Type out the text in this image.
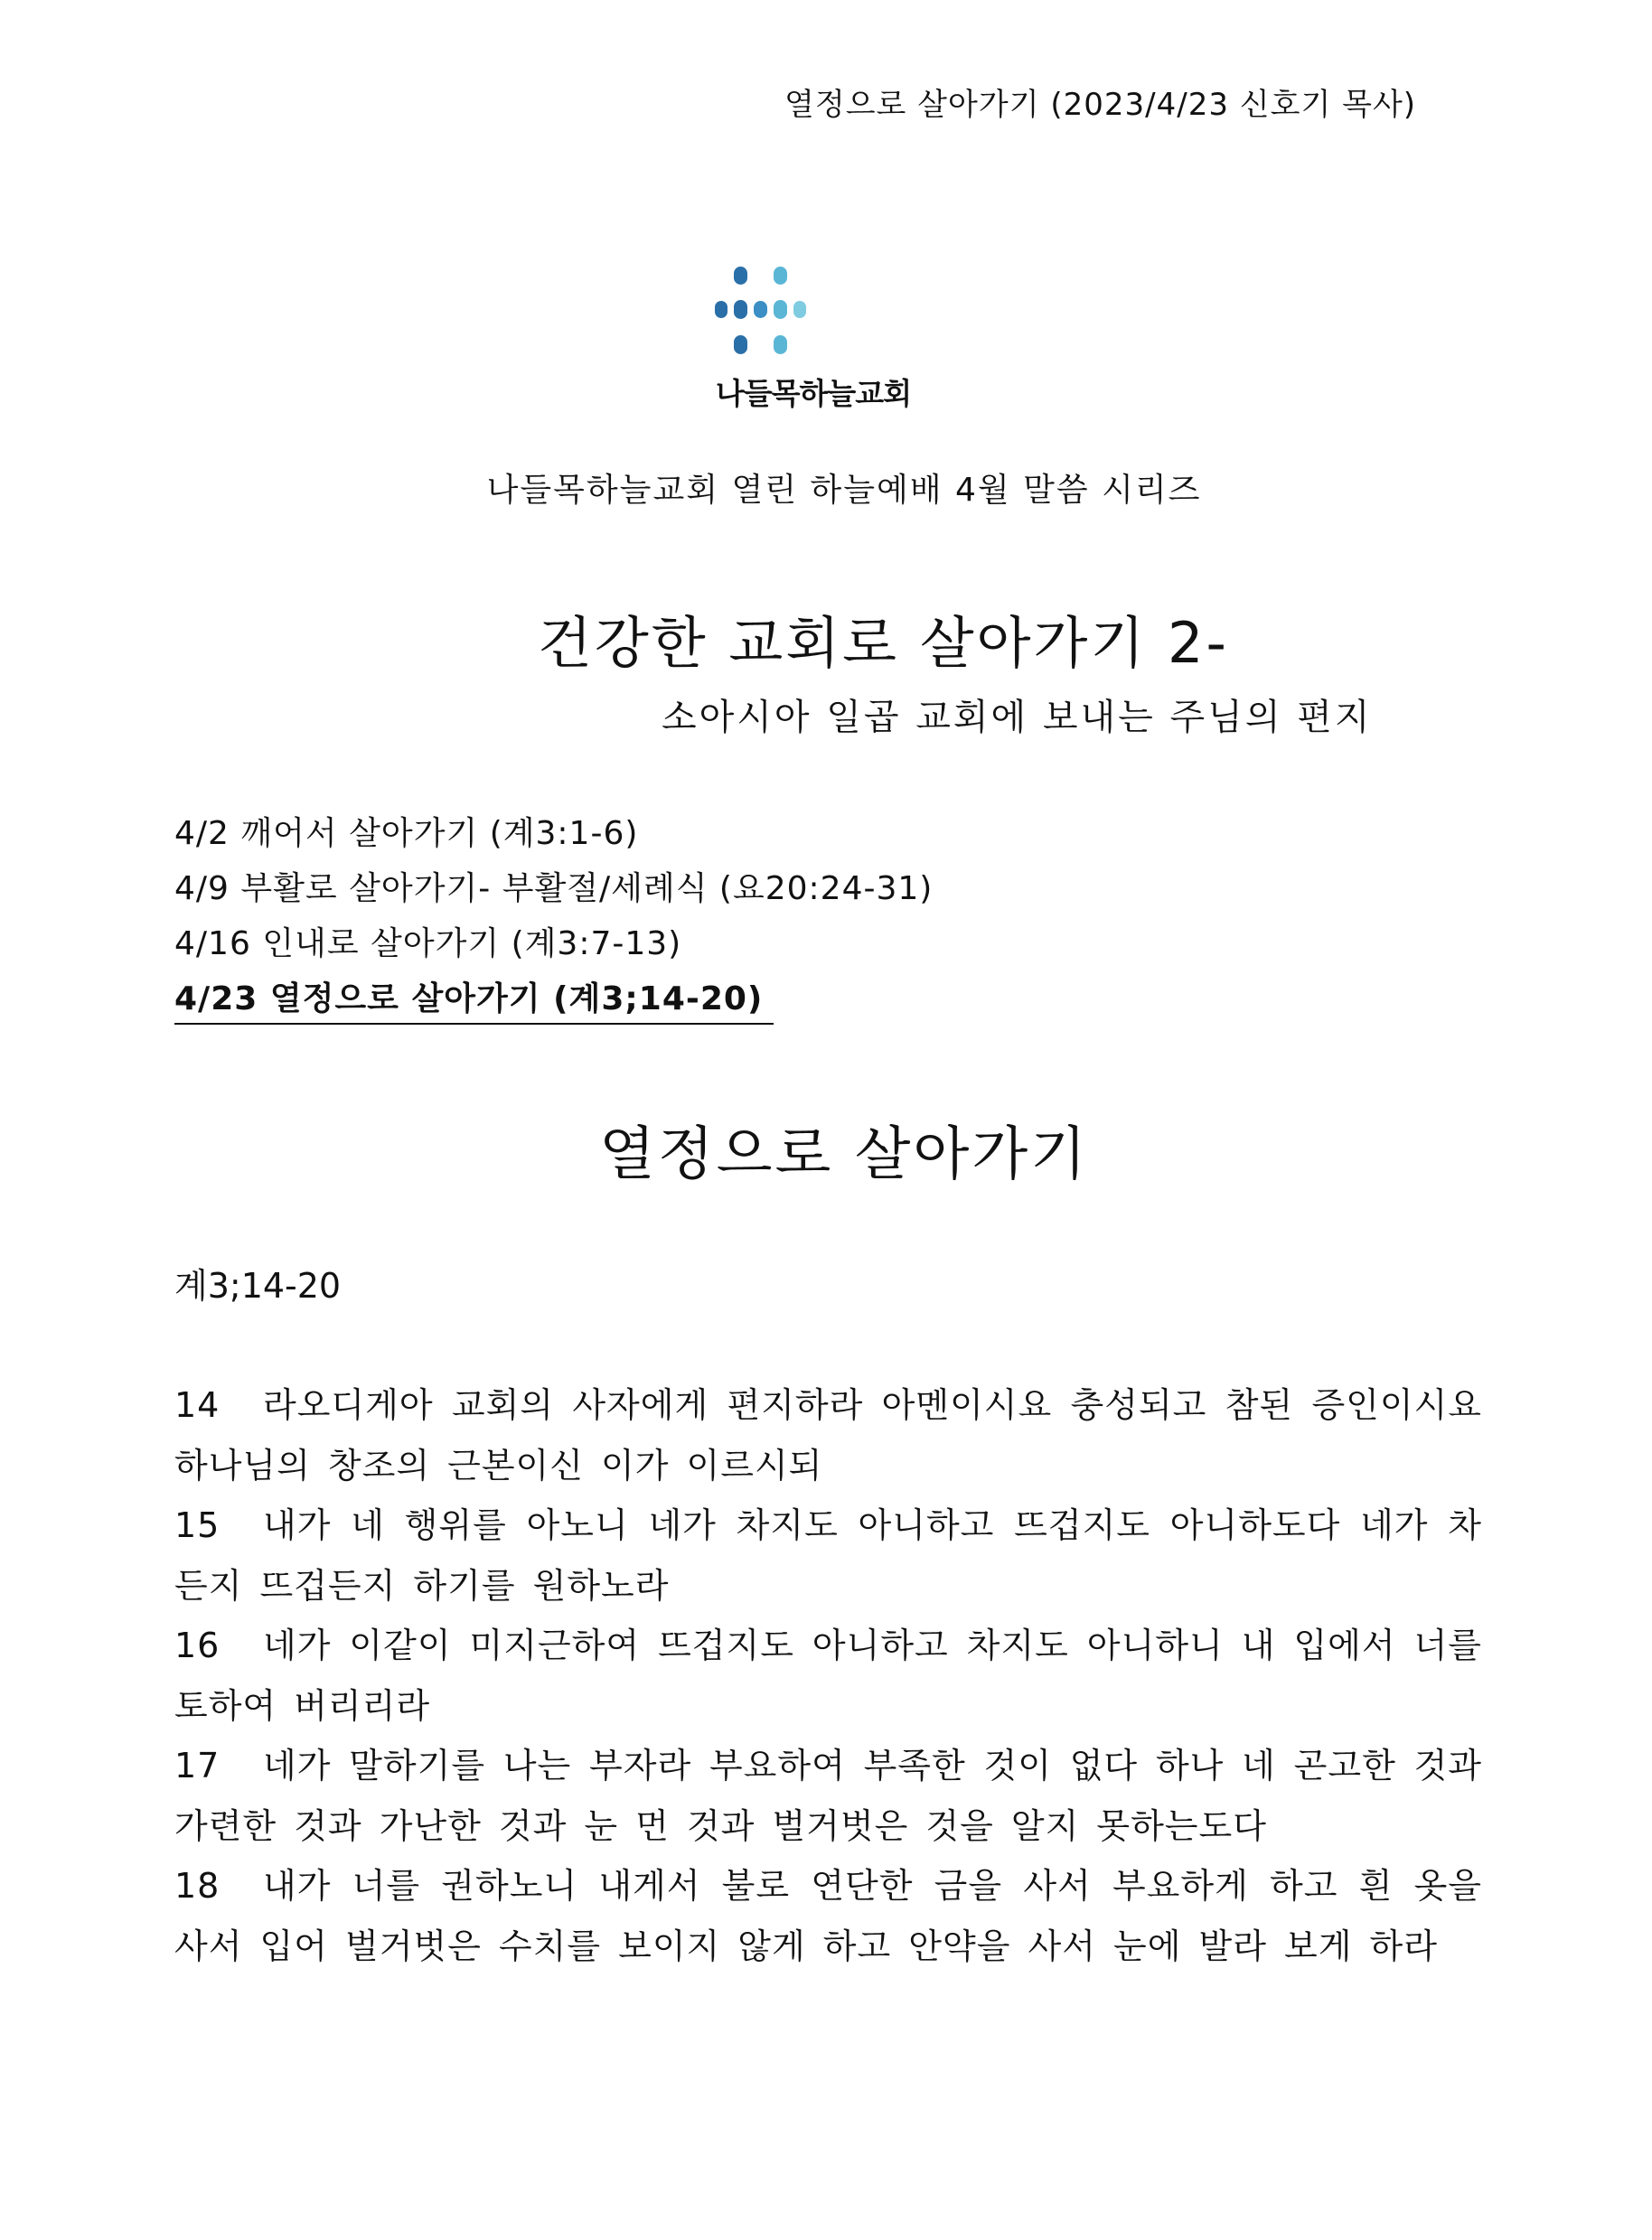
열정으로 살아가기 (2023/4/23 신호기 목사)
나들목하늘교회
나들목하늘교회 열린 하늘예배 4월 말씀 시리즈
건강한 교회로 살아가기 2-
소아시아 일곱 교회에 보내는 주님의 편지
4/2 깨어서 살아가기 (계3:1-6)
4/9 부활로 살아가기- 부활절/세례식 (요20:24-31)
4/16 인내로 살아가기 (계3:7-13)
4/23 열정으로 살아가기 (계3;14-20)
열정으로 살아가기
계3;14-20
14 라오디게아 교회의 사자에게 편지하라 아멘이시요 충성되고 참된 증인이시요 하나님의 창조의 근본이신 이가 이르시되
15 내가 네 행위를 아노니 네가 차지도 아니하고 뜨겁지도 아니하도다 네가 차든지 뜨겁든지 하기를 원하노라
16 네가 이같이 미지근하여 뜨겁지도 아니하고 차지도 아니하니 내 입에서 너를 토하여 버리리라
17 네가 말하기를 나는 부자라 부요하여 부족한 것이 없다 하나 네 곤고한 것과 가련한 것과 가난한 것과 눈 먼 것과 벌거벗은 것을 알지 못하는도다
18 내가 너를 권하노니 내게서 불로 연단한 금을 사서 부요하게 하고 흰 옷을 사서 입어 벌거벗은 수치를 보이지 않게 하고 안약을 사서 눈에 발라 보게 하라
